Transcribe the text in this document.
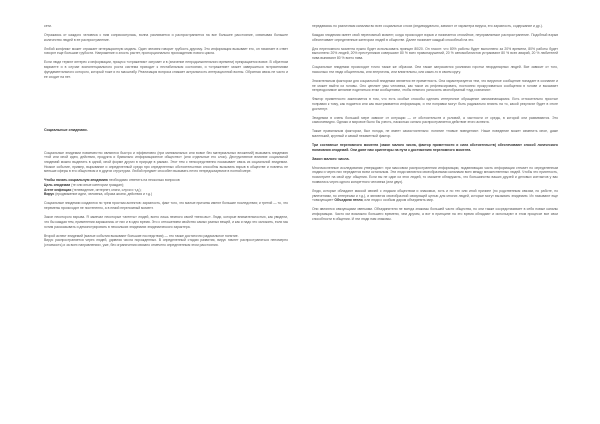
сети.

Отражаясь от каждого человека с ним соприкоснулась, волна усиливается и распространяется на все большее расстояние, охватывая большее количество людей в ее распространение.

Любой конфликт может отражает интерационную модель. Один человек говорит грубость другому. Это информация вызывает его, он начинает в ответ говорит еще большие грубости. Напряжение и злость растет, пропорционально прохождению нового цикла.

Если люди теряют интерес к информации, процесс «отражения» затухает и в (значение непродолжительного времени) прекращается вовсе. В обратном варианте и в случае экспоненциального роста система приходит к нестабильным состоянии, и «отражение» может завершиться потрясениями фундаментального которого, который тоже и по масштабу. Реализация вопроса снижает актуальность интерационной волны. Обратная связь не часто и ее сходит на нет.

Социальные эпидемии.

Социальные эпидемии повсеместно являются быстро и эффективно (при минимальных или вовсе без материальных вложений) вызывать эпидемию «той или иной идеи, действия, продукта и буквально информационное общество» (или отдельные его слои). Деструктивное влияние социальной эпидемий можно выделить в одной, иной форме других в природе в рамках. Этот тем с непосредственно показывает связь из социальной эпидемии. Низкое событие, пример, вырывание и определенный среди при определенных обстоятельствах способны вызывать взрыв в обществе и повлечь не меньше сферы в его обществом и в других структурах. Любой предмет способен вызывать нечто непредсказуемое в полной мере.

Чтобы начать социальную эпидемию необходимо ответить на несколько вопросов

Цель эпидемии (те или иные категории граждан);

Агент инфекции (телевидение, интернет, книги, слухи и т.д.);

Вирус (продвижение идеи, человека, образа жизни, действия и т.д.)

Социальные эпидемии создаются по трем простым аспектов: заразность, факт того, что малые причины имеют большие последствия; и третий — то, что перемены происходит не постепенно, а в некий переломный момент.

Закон некоторого взрыва. Я замечал некоторые «агенты» людей, всего лишь немного своей «вехи-вы». Люди, которые внимательностью, как увидели, что бы каждая тем, применении заражались от них и в одно время. Это с отношением свойство самых разных вещей, и как и надо это заложить, если мы хотим рассказывать и демонстрировать в нескольких эпидемиях эпидемического характера.

Второй аспект эпидемий (малые события вызывают большие последствия) — это также достаточно радикальное понятие.

Вирус распространяется через людей, удивляя числа порожденных. В определенный стадии развития, вирус начнет распространяться непомерно (стоимость) и за всех направлениях, уже, без ограничения связано отмечено определенным этом расстояния.

передаваясь по различным каналам во всех социальных слоях (индивидуально, зависит от характера вируса, его заразность, содержание и др.).

Каждая эпидемия имеет свой переломный момент, когда происходит взрыв и начинается стихийное, неуправляемое распространение. Подобный взрыв обеспечивает определенные категории людей в обществе. Далее начинает каждый способный на это.

Для переломного момента нужно будет использовать принцип 80/20. Он гласит: что 80% работы будет выполнено за 20% времени, 80% работы будет выполнено 20% людей, 20% преступников совершают 80 % всех правонарушений, 20 % автомобилистов устраивают 80 % всех аварий, 20 % любителей пива выпивают 80 % всего пива.

Социальные эпидемии происходят точно также же образом. Они также запускаются усилиями горстки неординарных людей. Все зависит от того, насколько эти люди общительны, или энергичны, или влиятельны, или каких-то в своем кругу.

Значительным фактором для социальной эпидемии является ее приметность. Она характеризуется тем, что вирусное сообщение попадает в сознание и не может выйти из головы. Оно цепляет умы человека, как такое из рефлексировать, постоянно прокручиваться сообщения в голове и вызывает непреодолимое желание поделиться этим сообщением, чтобы немного успокоить своеобразный «зуд сознания».

Фактор приметности заключается в том, что есть особые способы сделать интересное обращение запоминающимся. Есть относительно простые поправки к тому, как подается или как выстраивается информация, и эти поправки могут быть радикально влиять на то, какой результат будет в итоге достигнут.

Эпидемии в очень большой мере зависят от ситуации — от обстоятельств и условий, а частности от среды, в которой они развиваются. Это самоочевидно. Однако и мировое было бы учесть, насколько сильно распространяется действие этого аспекта.

Также правильным фактором, был погода, не имеет самостоятельно: понятие «новые поведения». Наше поведение может изменить иное, даже маленький, крупный и самый незаметный фактор.

Три составные переломного момента (закон малого числа, фактор приметности и сила обстоятельств) обеспечивают способ логического понимания эпидемий. Они дают нам ориентиры на пути к достижению переломного момента.

Закон малого числа.

Многочисленные исследования утверждают: при массовом распространении информации, подавляющая часть информации стекает по определенным людям и через них передается всем остальным. Эти люди являются своеобразными каналами всех между множественных людей. Чтобы это приятность, посмотрите на свой круг общения. Если вы не один из этих людей, то сможете обнаружить, что большинство ваших друзей и деловых контактов у вас появились через одного конкретного человека (или двух).

Люди, которые обладают массой связей с людьми обществом и знакомых, хоть и по тех или иной причине (по родственным связям, по работе, по увлечениям, по интересам и т.д.), и являются своеобразной связующей цепью для многих людей, которые могут вызывать эпидемию. Их называют еще «связующие» Объедини нтели, или люди с особым даром объединять мир.

Они являются связующими звеньями. Объединители не всегда знакомы большей части общества, но они также сосредотачивает в себя новые каналы информации. Часто им возможно большего времени, чем другим, а вот в принципе на это время обладают и используют в этом процессе все свои способности в общении. И эти люди нам знакомы.
